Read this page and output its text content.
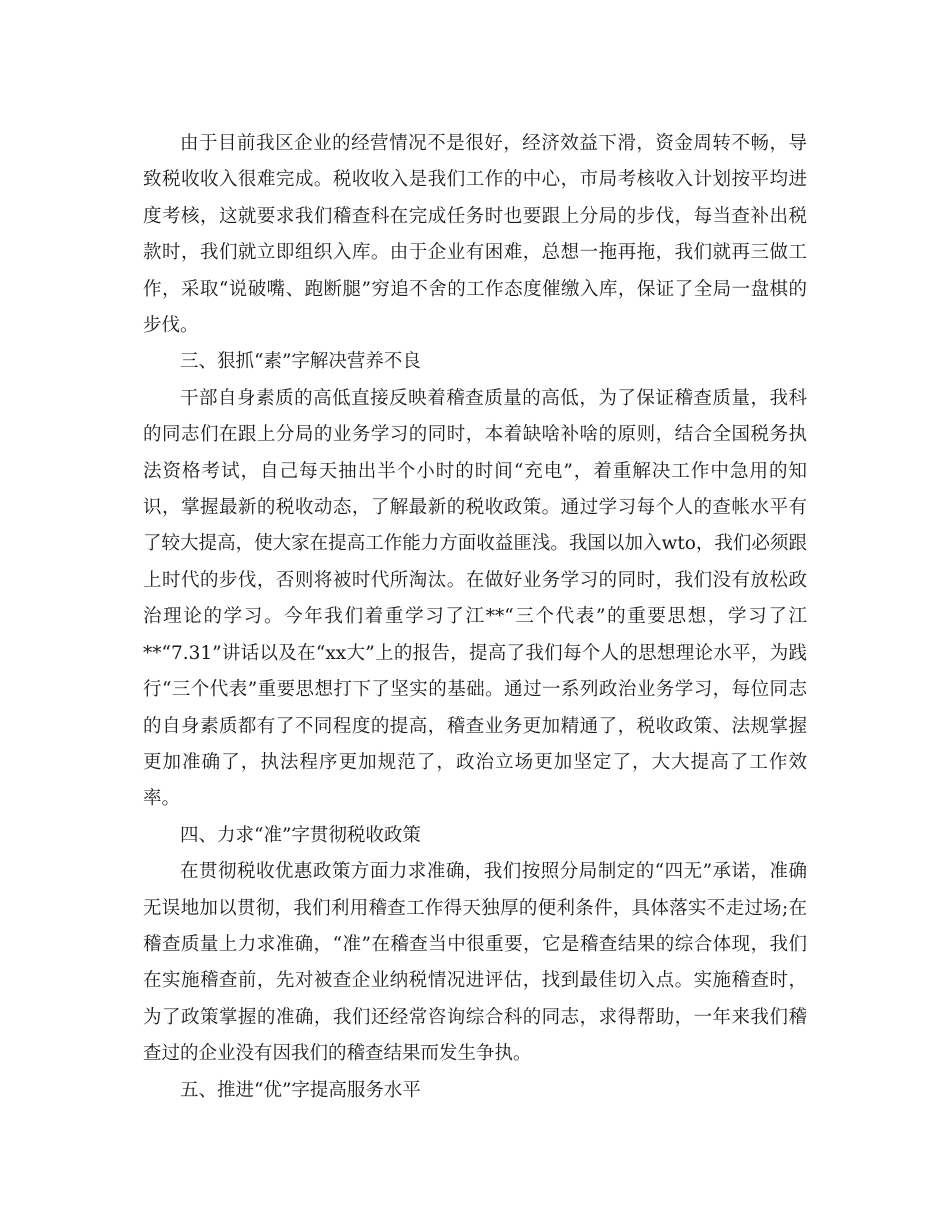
由于目前我区企业的经营情况不是很好，经济效益下滑，资金周转不畅，导致税收收入很难完成。税收收入是我们工作的中心，市局考核收入计划按平均进度考核，这就要求我们稽查科在完成任务时也要跟上分局的步伐，每当查补出税款时，我们就立即组织入库。由于企业有困难，总想一拖再拖，我们就再三做工作，采取“说破嘴、跑断腿”穷追不舍的工作态度催缴入库，保证了全局一盘棋的步伐。

三、狠抓“素”字解决营养不良

干部自身素质的高低直接反映着稽查质量的高低，为了保证稽查质量，我科的同志们在跟上分局的业务学习的同时，本着缺啥补啥的原则，结合全国税务执法资格考试，自己每天抽出半个小时的时间“充电”，着重解决工作中急用的知识，掌握最新的税收动态，了解最新的税收政策。通过学习每个人的查帐水平有了较大提高，使大家在提高工作能力方面收益匪浅。我国以加入wto，我们必须跟上时代的步伐，否则将被时代所淘汰。在做好业务学习的同时，我们没有放松政治理论的学习。今年我们着重学习了江**“三个代表”的重要思想，学习了江**“7.31”讲话以及在“xx大”上的报告，提高了我们每个人的思想理论水平，为践行“三个代表”重要思想打下了坚实的基础。通过一系列政治业务学习，每位同志的自身素质都有了不同程度的提高，稽查业务更加精通了，税收政策、法规掌握更加准确了，执法程序更加规范了，政治立场更加坚定了，大大提高了工作效率。

四、力求“准”字贯彻税收政策

在贯彻税收优惠政策方面力求准确，我们按照分局制定的“四无”承诺，准确无误地加以贯彻，我们利用稽查工作得天独厚的便利条件，具体落实不走过场;在稽查质量上力求准确，“准”在稽查当中很重要，它是稽查结果的综合体现，我们在实施稽查前，先对被查企业纳税情况进评估，找到最佳切入点。实施稽查时，为了政策掌握的准确，我们还经常咨询综合科的同志，求得帮助，一年来我们稽查过的企业没有因我们的稽查结果而发生争执。

五、推进“优”字提高服务水平
